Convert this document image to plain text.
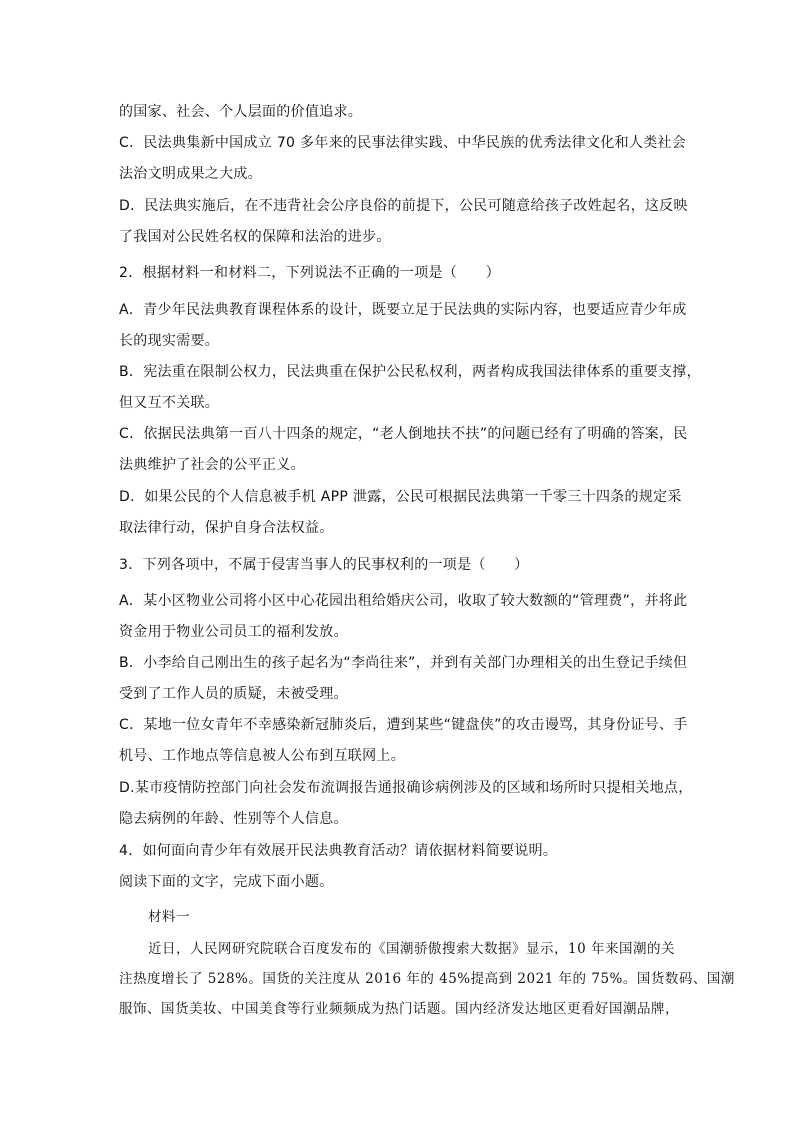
的国家、社会、个人层面的价值追求。
C．民法典集新中国成立 70 多年来的民事法律实践、中华民族的优秀法律文化和人类社会
法治文明成果之大成。
D．民法典实施后，在不违背社会公序良俗的前提下，公民可随意给孩子改姓起名，这反映
了我国对公民姓名权的保障和法治的进步。
2．根据材料一和材料二，下列说法不正确的一项是（　　）
A．青少年民法典教育课程体系的设计，既要立足于民法典的实际内容，也要适应青少年成
长的现实需要。
B．宪法重在限制公权力，民法典重在保护公民私权利，两者构成我国法律体系的重要支撑，
但又互不关联。
C．依据民法典第一百八十四条的规定，“老人倒地扶不扶”的问题已经有了明确的答案，民
法典维护了社会的公平正义。
D．如果公民的个人信息被手机 APP 泄露，公民可根据民法典第一千零三十四条的规定采
取法律行动，保护自身合法权益。
3．下列各项中，不属于侵害当事人的民事权利的一项是（　　）
A．某小区物业公司将小区中心花园出租给婚庆公司，收取了较大数额的“管理费”，并将此
资金用于物业公司员工的福利发放。
B．小李给自己刚出生的孩子起名为“李尚往来”，并到有关部门办理相关的出生登记手续但
受到了工作人员的质疑，未被受理。
C．某地一位女青年不幸感染新冠肺炎后，遭到某些“键盘侠”的攻击谩骂，其身份证号、手
机号、工作地点等信息被人公布到互联网上。
D.某市疫情防控部门向社会发布流调报告通报确诊病例涉及的区域和场所时只提相关地点，
隐去病例的年龄、性别等个人信息。
4．如何面向青少年有效展开民法典教育活动？请依据材料简要说明。
阅读下面的文字，完成下面小题。
材料一
近日，人民网研究院联合百度发布的《国潮骄傲搜索大数据》显示，10 年来国潮的关
注热度增长了 528%。国货的关注度从 2016 年的 45%提高到 2021 年的 75%。国货数码、国潮
服饰、国货美妆、中国美食等行业频频成为热门话题。国内经济发达地区更看好国潮品牌，
